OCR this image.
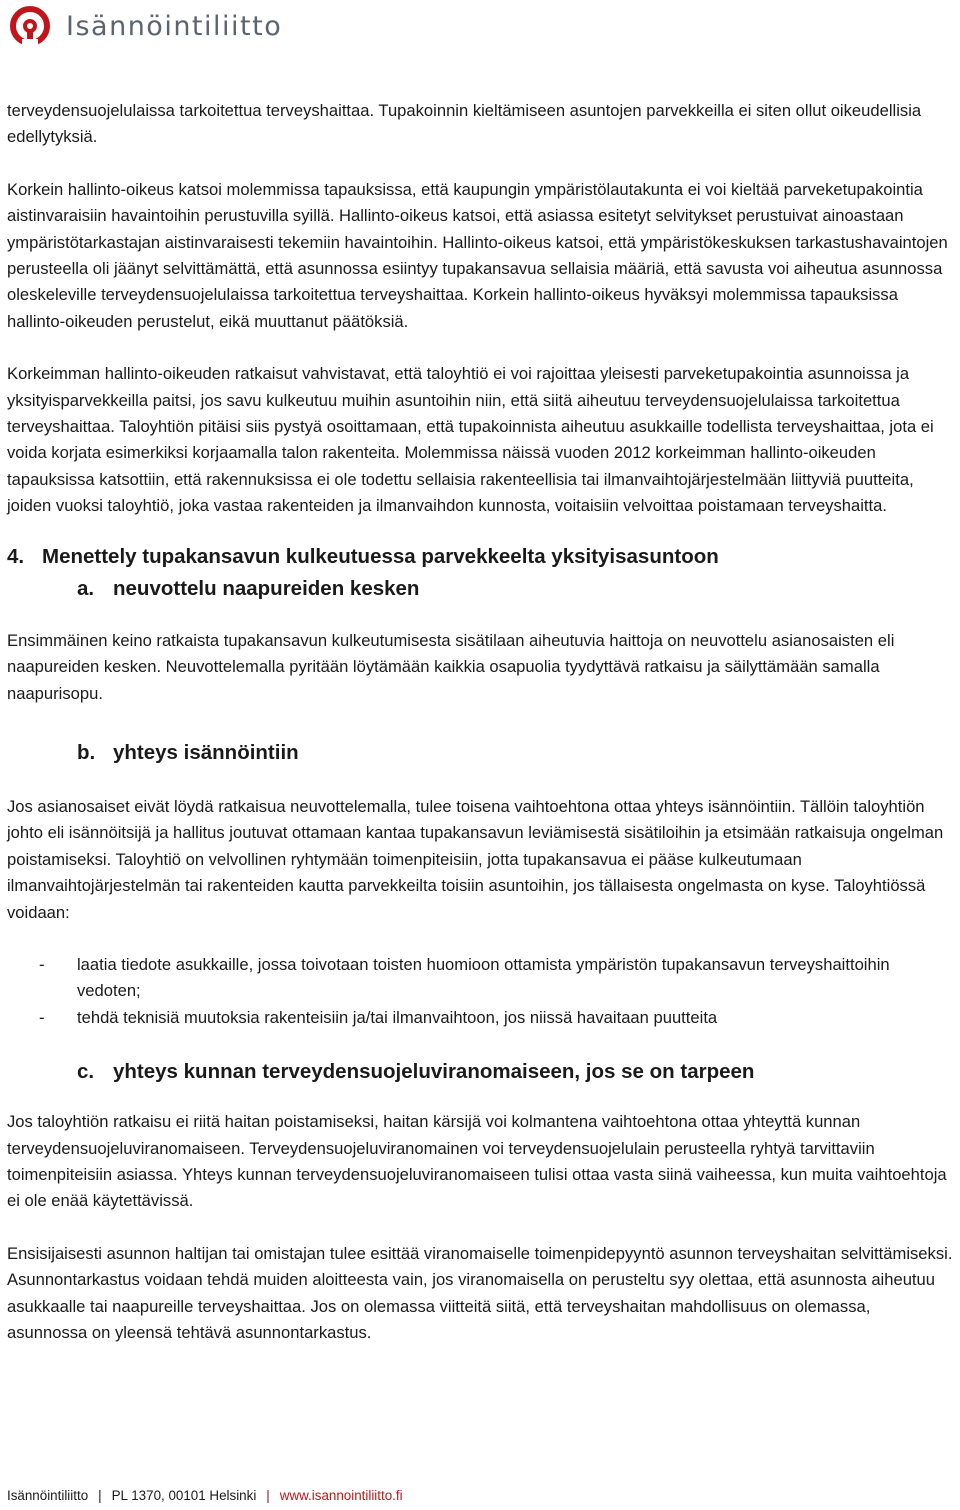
Isännöintiliitto

terveydensuojelulaissa tarkoitettua terveyshaittaa. Tupakoinnin kieltämiseen asuntojen parvekkeilla ei siten ollut oikeudellisia edellytyksiä.

Korkein hallinto-oikeus katsoi molemmissa tapauksissa, että kaupungin ympäristölautakunta ei voi kieltää parveketupakointia aistinvaraisiin havaintoihin perustuvilla syillä. Hallinto-oikeus katsoi, että asiassa esitetyt selvitykset perustuivat ainoastaan ympäristötarkastajan aistinvaraisesti tekemiin havaintoihin. Hallinto-oikeus katsoi, että ympäristökeskuksen tarkastushavaintojen perusteella oli jäänyt selvittämättä, että asunnossa esiintyy tupakansavua sellaisia määriä, että savusta voi aiheutua asunnossa oleskeleville terveydensuojelulaissa tarkoitettua terveyshaittaa. Korkein hallinto-oikeus hyväksyi molemmissa tapauksissa hallinto-oikeuden perustelut, eikä muuttanut päätöksiä.

Korkeimman hallinto-oikeuden ratkaisut vahvistavat, että taloyhtiö ei voi rajoittaa yleisesti parveketupakointia asunnoissa ja yksityisparvekkeilla paitsi, jos savu kulkeutuu muihin asuntoihin niin, että siitä aiheutuu terveydensuojelulaissa tarkoitettua terveyshaittaa. Taloyhtiön pitäisi siis pystyä osoittamaan, että tupakoinnista aiheutuu asukkaille todellista terveyshaittaa, jota ei voida korjata esimerkiksi korjaamalla talon rakenteita. Molemmissa näissä vuoden 2012 korkeimman hallinto-oikeuden tapauksissa katsottiin, että rakennuksissa ei ole todettu sellaisia rakenteellisia tai ilmanvaihtojärjestelmään liittyviä puutteita, joiden vuoksi taloyhtiö, joka vastaa rakenteiden ja ilmanvaihdon kunnosta, voitaisiin velvoittaa poistamaan terveyshaitta.

4. Menettely tupakansavun kulkeutuessa parvekkeelta yksityisasuntoon
a. neuvottelu naapureiden kesken

Ensimmäinen keino ratkaista tupakansavun kulkeutumisesta sisätilaan aiheutuvia haittoja on neuvottelu asianosaisten eli naapureiden kesken. Neuvottelemalla pyritään löytämään kaikkia osapuolia tyydyttävä ratkaisu ja säilyttämään samalla naapurisopu.

b. yhteys isännöintiin

Jos asianosaiset eivät löydä ratkaisua neuvottelemalla, tulee toisena vaihtoehtona ottaa yhteys isännöintiin. Tällöin taloyhtiön johto eli isännöitsijä ja hallitus joutuvat ottamaan kantaa tupakansavun leviämisestä sisätiloihin ja etsimään ratkaisuja ongelman poistamiseksi. Taloyhtiö on velvollinen ryhtymään toimenpiteisiin, jotta tupakansavua ei pääse kulkeutumaan ilmanvaihtojärjestelmän tai rakenteiden kautta parvekkeilta toisiin asuntoihin, jos tällaisesta ongelmasta on kyse. Taloyhtiössä voidaan:

-	laatia tiedote asukkaille, jossa toivotaan toisten huomioon ottamista ympäristön tupakansavun terveyshaittoihin vedoten;
-	tehdä teknisiä muutoksia rakenteisiin ja/tai ilmanvaihtoon, jos niissä havaitaan puutteita
c. yhteys kunnan terveydensuojeluviranomaiseen, jos se on tarpeen

Jos taloyhtiön ratkaisu ei riitä haitan poistamiseksi, haitan kärsijä voi kolmantena vaihtoehtona ottaa yhteyttä kunnan terveydensuojeluviranomaiseen. Terveydensuojeluviranomainen voi terveydensuojelulain perusteella ryhtyä tarvittaviin toimenpiteisiin asiassa. Yhteys kunnan terveydensuojeluviranomaiseen tulisi ottaa vasta siinä vaiheessa, kun muita vaihtoehtoja ei ole enää käytettävissä.

Ensisijaisesti asunnon haltijan tai omistajan tulee esittää viranomaiselle toimenpidepyyntö asunnon terveyshaitan selvittämiseksi. Asunnontarkastus voidaan tehdä muiden aloitteesta vain, jos viranomaisella on perusteltu syy olettaa, että asunnosta aiheutuu asukkaalle tai naapureille terveyshaittaa. Jos on olemassa viitteitä siitä, että terveyshaitan mahdollisuus on olemassa, asunnossa on yleensä tehtävä asunnontarkastus.

Isännöintiliitto | PL 1370, 00101 Helsinki | www.isannointiliitto.fi
